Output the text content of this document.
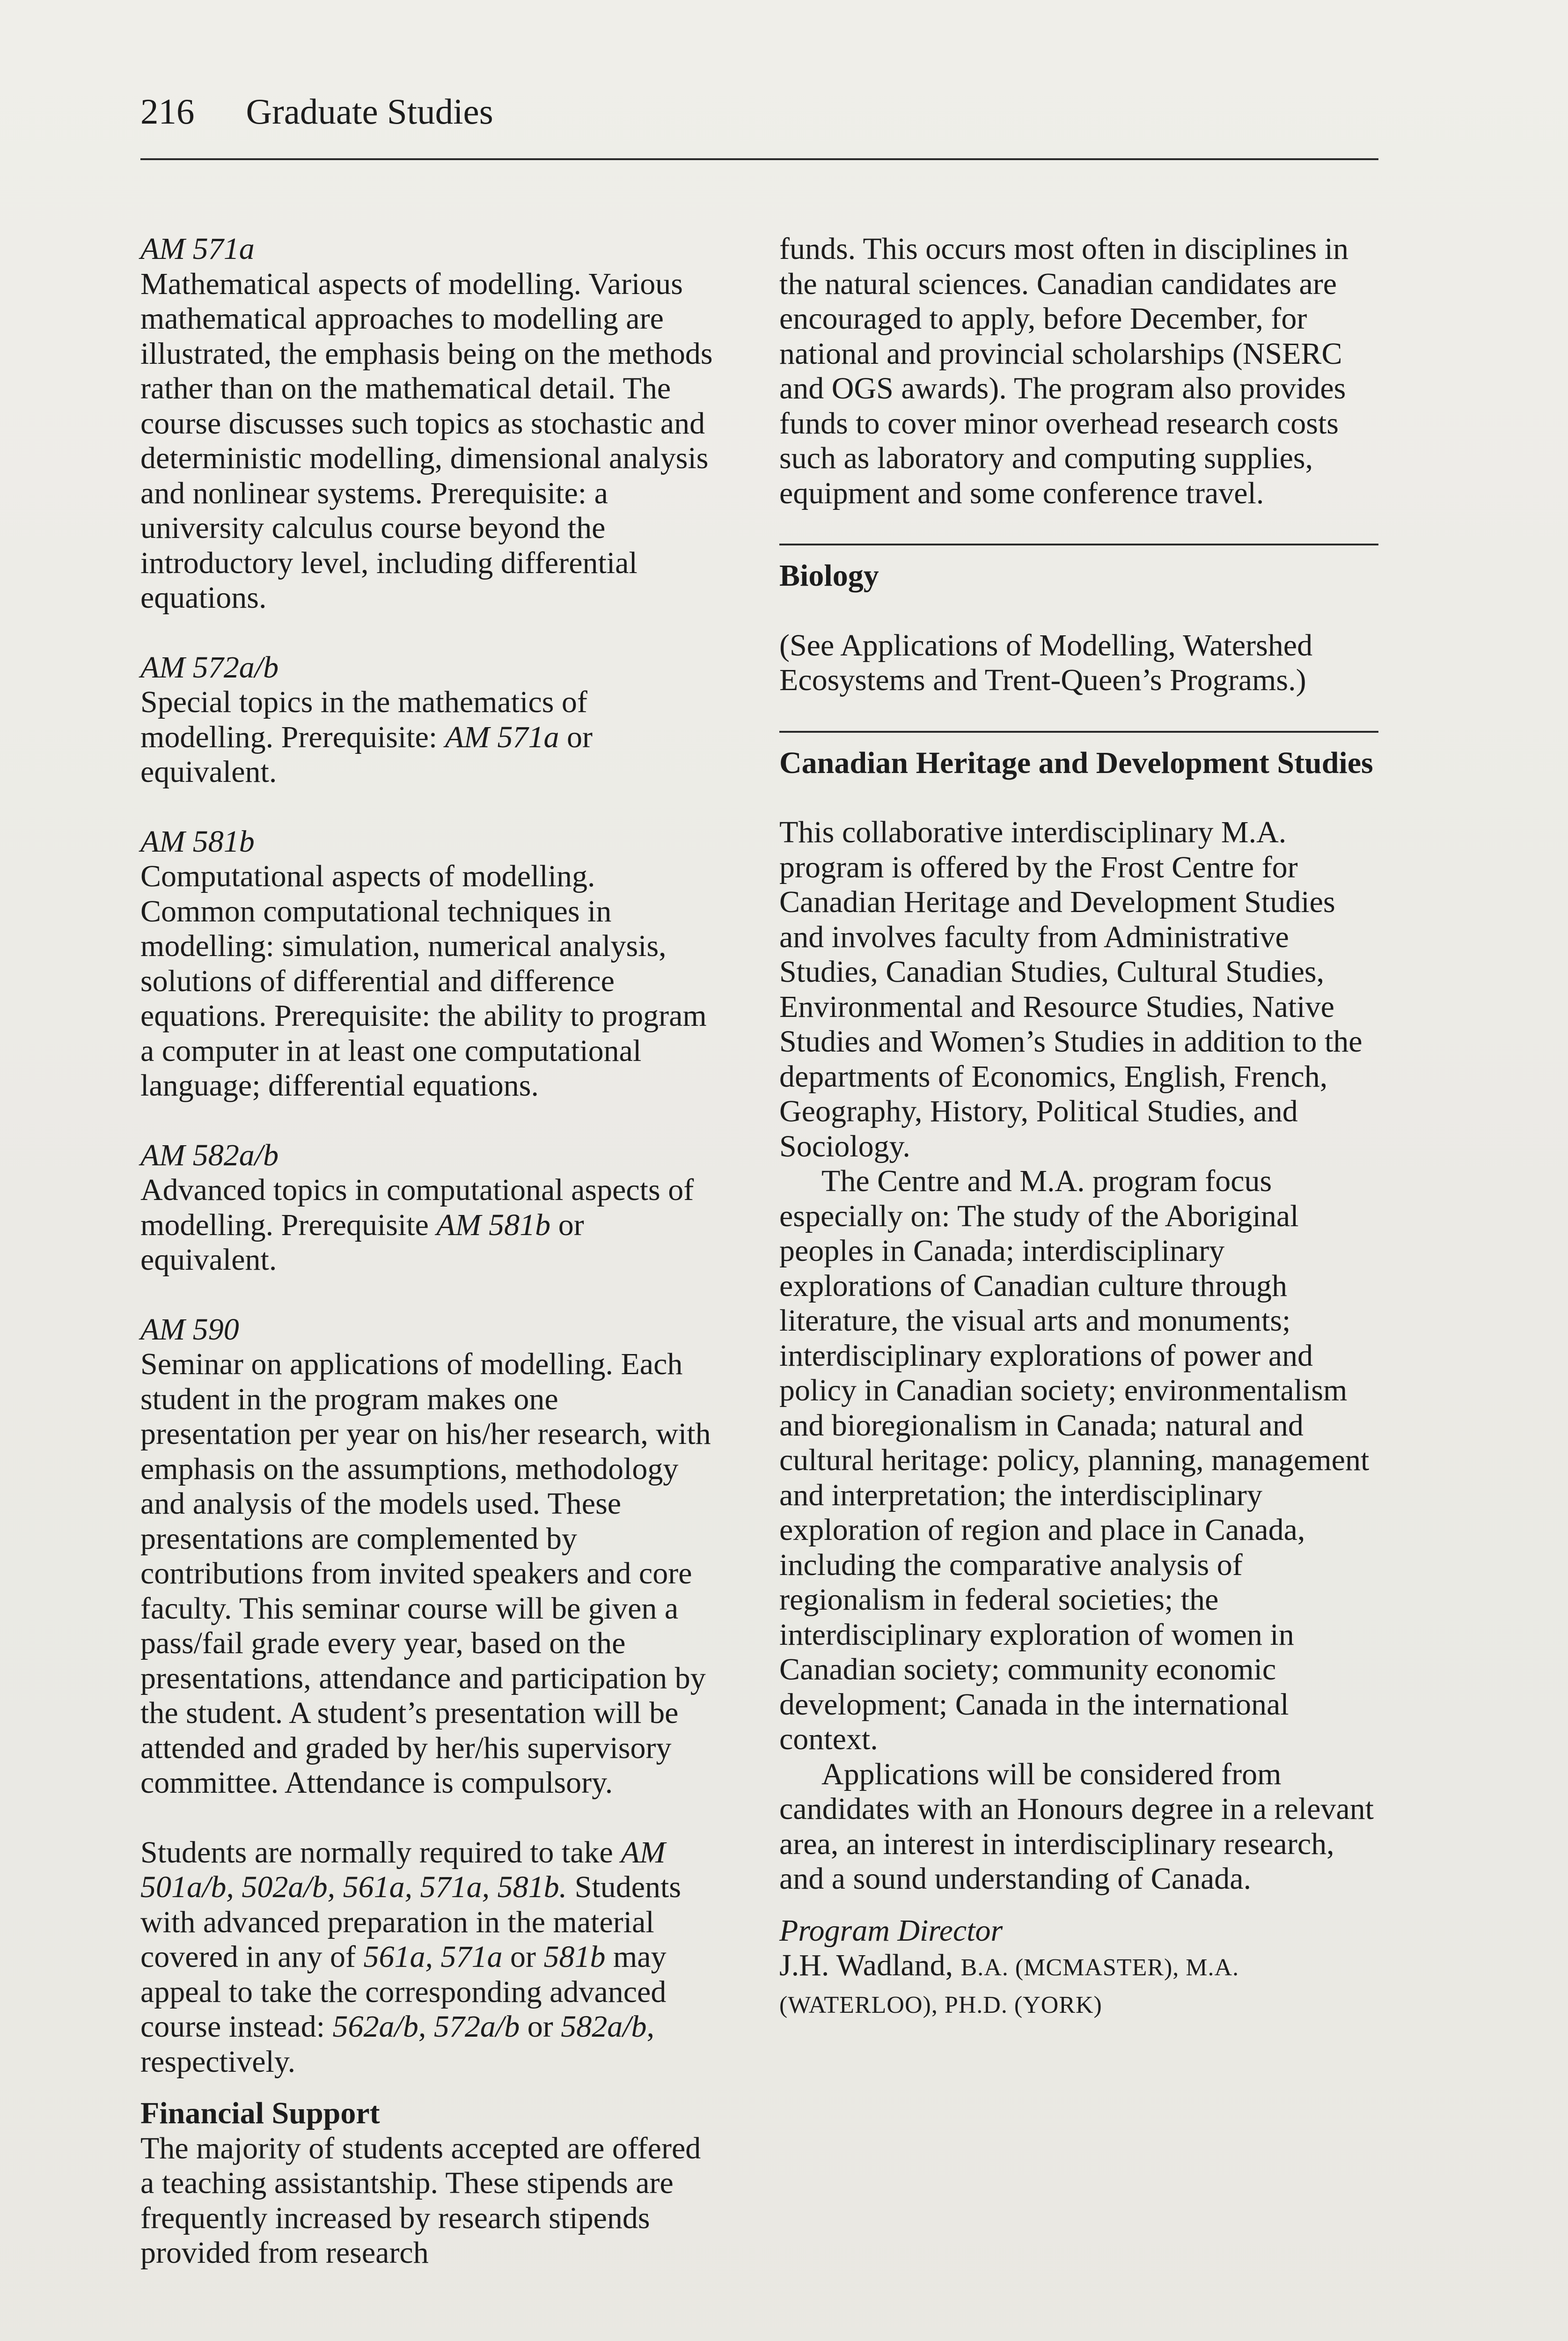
216 Graduate Studies
AM 571a
Mathematical aspects of modelling. Various mathematical approaches to modelling are illustrated, the emphasis being on the methods rather than on the mathematical detail. The course discusses such topics as stochastic and deterministic modelling, dimensional analysis and nonlinear systems. Prerequisite: a university calculus course beyond the introductory level, including differential equations.
AM 572a/b
Special topics in the mathematics of modelling. Prerequisite: AM 571a or equivalent.
AM 581b
Computational aspects of modelling. Common computational techniques in modelling: simulation, numerical analysis, solutions of differential and difference equations. Prerequisite: the ability to program a computer in at least one computational language; differential equations.
AM 582a/b
Advanced topics in computational aspects of modelling. Prerequisite AM 581b or equivalent.
AM 590
Seminar on applications of modelling. Each student in the program makes one presentation per year on his/her research, with emphasis on the assumptions, methodology and analysis of the models used. These presentations are complemented by contributions from invited speakers and core faculty. This seminar course will be given a pass/fail grade every year, based on the presentations, attendance and participation by the student. A student’s presentation will be attended and graded by her/his supervisory committee. Attendance is compulsory.

Students are normally required to take AM 501a/b, 502a/b, 561a, 571a, 581b. Students with advanced preparation in the material covered in any of 561a, 571a or 581b may appeal to take the corresponding advanced course instead: 562a/b, 572a/b or 582a/b, respectively.

Financial Support
The majority of students accepted are offered a teaching assistantship. These stipends are frequently increased by research stipends provided from research
funds. This occurs most often in disciplines in the natural sciences. Canadian candidates are encouraged to apply, before December, for national and provincial scholarships (NSERC and OGS awards). The program also provides funds to cover minor overhead research costs such as laboratory and computing supplies, equipment and some conference travel.
Biology
(See Applications of Modelling, Watershed Ecosystems and Trent-Queen’s Programs.)
Canadian Heritage and Development Studies
This collaborative interdisciplinary M.A. program is offered by the Frost Centre for Canadian Heritage and Development Studies and involves faculty from Administrative Studies, Canadian Studies, Cultural Studies, Environmental and Resource Studies, Native Studies and Women’s Studies in addition to the departments of Economics, English, French, Geography, History, Political Studies, and Sociology.
The Centre and M.A. program focus especially on: The study of the Aboriginal peoples in Canada; interdisciplinary explorations of Canadian culture through literature, the visual arts and monuments; interdisciplinary explorations of power and policy in Canadian society; environmentalism and bioregionalism in Canada; natural and cultural heritage: policy, planning, management and interpretation; the interdisciplinary exploration of region and place in Canada, including the comparative analysis of regionalism in federal societies; the interdisciplinary exploration of women in Canadian society; community economic development; Canada in the international context.
Applications will be considered from candidates with an Honours degree in a relevant area, an interest in interdisciplinary research, and a sound understanding of Canada.
Program Director
J.H. Wadland, B.A. (MCMASTER), M.A. (WATERLOO), PH.D. (YORK)
